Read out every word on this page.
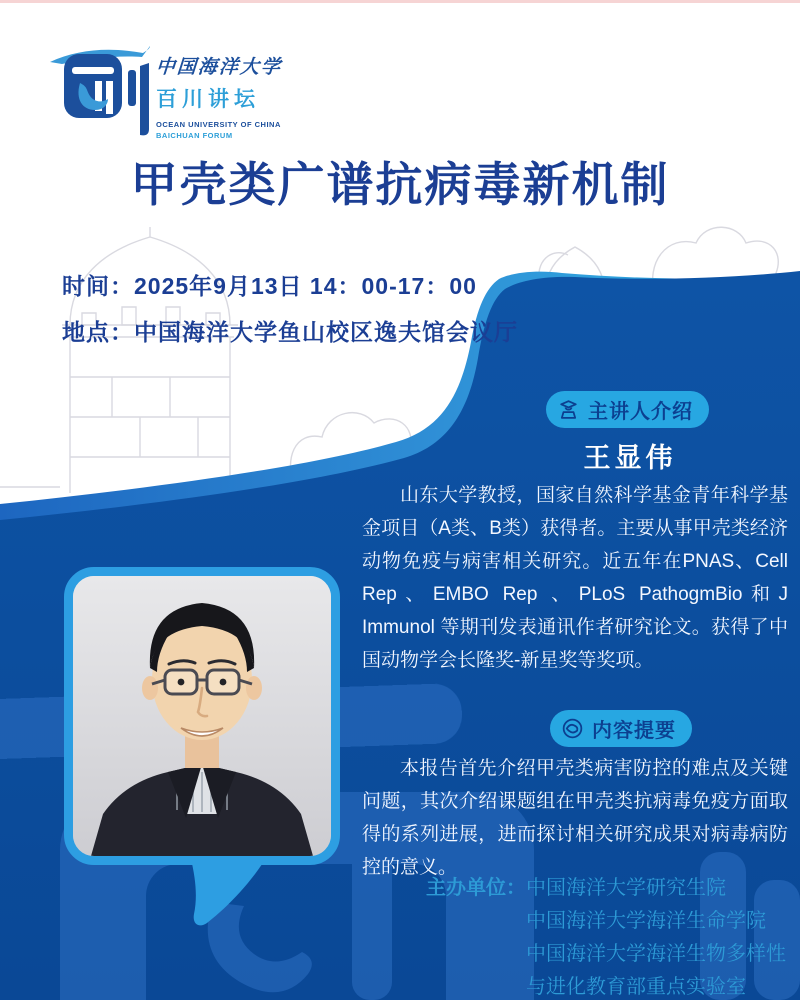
中国海洋大学
百川讲坛
OCEAN UNIVERSITY OF CHINA
BAICHUAN FORUM
甲壳类广谱抗病毒新机制
时间：2025年9月13日 14：00-17：00
地点：中国海洋大学鱼山校区逸夫馆会议厅
主讲人介绍
王显伟
山东大学教授，国家自然科学基金青年科学基金项目（A类、B类）获得者。主要从事甲壳类经济动物免疫与病害相关研究。近五年在PNAS、Cell Rep、EMBO Rep 、PLoS PathogmBio和J Immunol 等期刊发表通讯作者研究论文。获得了中国动物学会长隆奖-新星奖等奖项。
内容提要
本报告首先介绍甲壳类病害防控的难点及关键问题，其次介绍课题组在甲壳类抗病毒免疫方面取得的系列进展，进而探讨相关研究成果对病毒病防控的意义。
主办单位： 中国海洋大学研究生院
中国海洋大学海洋生命学院
中国海洋大学海洋生物多样性
与进化教育部重点实验室
